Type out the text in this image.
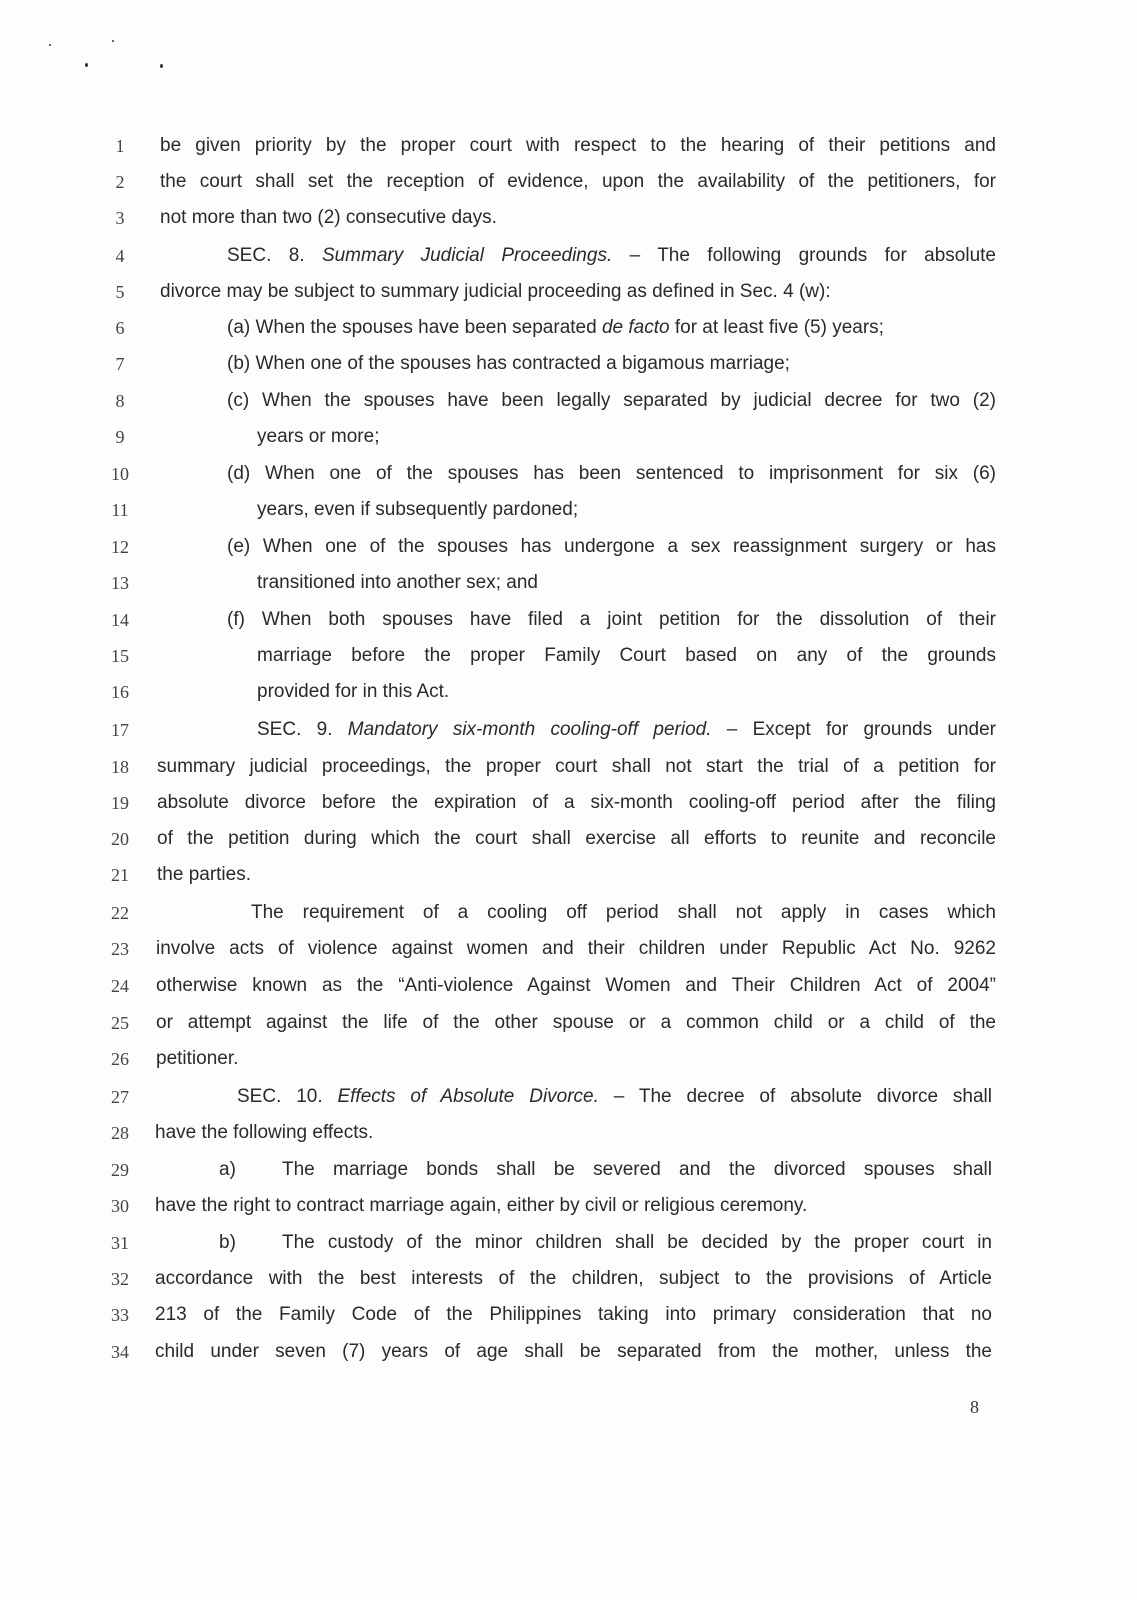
1	be given priority by the proper court with respect to the hearing of their petitions and
2	the court shall set the reception of evidence, upon the availability of the petitioners, for
3	not more than two (2) consecutive days.
4	SEC. 8. Summary Judicial Proceedings. – The following grounds for absolute
5	divorce may be subject to summary judicial proceeding as defined in Sec. 4 (w):
6	(a) When the spouses have been separated de facto for at least five (5) years;
7	(b) When one of the spouses has contracted a bigamous marriage;
8	(c) When the spouses have been legally separated by judicial decree for two (2)
9	years or more;
10	(d) When one of the spouses has been sentenced to imprisonment for six (6)
11	years, even if subsequently pardoned;
12	(e) When one of the spouses has undergone a sex reassignment surgery or has
13	transitioned into another sex; and
14	(f) When both spouses have filed a joint petition for the dissolution of their
15	marriage before the proper Family Court based on any of the grounds
16	provided for in this Act.
17	SEC. 9. Mandatory six-month cooling-off period. – Except for grounds under
18 summary judicial proceedings, the proper court shall not start the trial of a petition for
19 absolute divorce before the expiration of a six-month cooling-off period after the filing
20 of the petition during which the court shall exercise all efforts to reunite and reconcile
21 the parties.
22	The requirement of a cooling off period shall not apply in cases which
23 involve acts of violence against women and their children under Republic Act No. 9262
24 otherwise known as the “Anti-violence Against Women and Their Children Act of 2004”
25 or attempt against the life of the other spouse or a common child or a child of the
26 petitioner.
27	SEC. 10. Effects of Absolute Divorce. – The decree of absolute divorce shall
28 have the following effects.
29	a) The marriage bonds shall be severed and the divorced spouses shall
30 have the right to contract marriage again, either by civil or religious ceremony.
31	b) The custody of the minor children shall be decided by the proper court in
32 accordance with the best interests of the children, subject to the provisions of Article
33 213 of the Family Code of the Philippines taking into primary consideration that no
34 child under seven (7) years of age shall be separated from the mother, unless the
8
